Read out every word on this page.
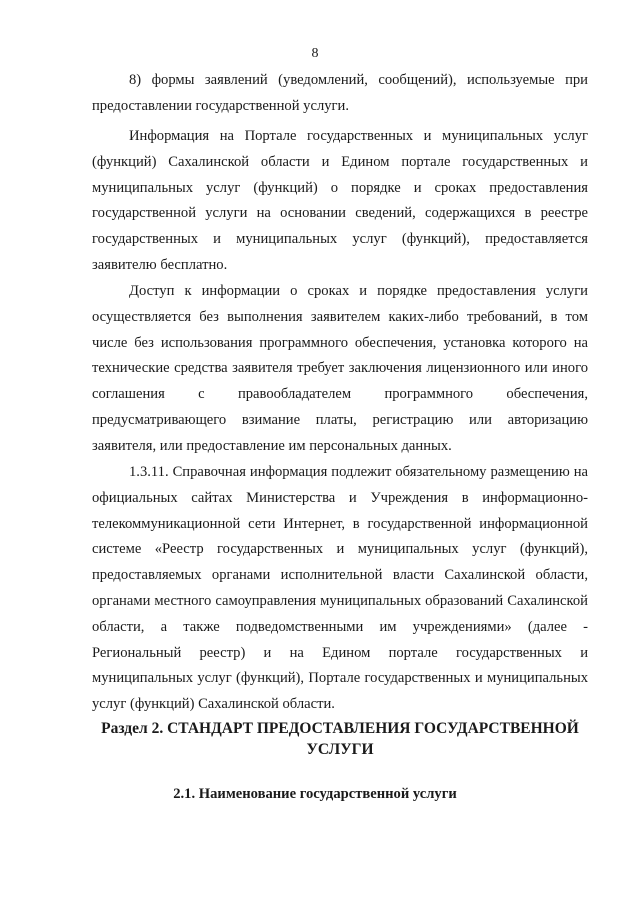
8

8) формы заявлений (уведомлений, сообщений), используемые при предоставлении государственной услуги.

Информация на Портале государственных и муниципальных услуг (функций) Сахалинской области и Едином портале государственных и муниципальных услуг (функций) о порядке и сроках предоставления государственной услуги на основании сведений, содержащихся в реестре государственных и муниципальных услуг (функций), предоставляется заявителю бесплатно.

Доступ к информации о сроках и порядке предоставления услуги осуществляется без выполнения заявителем каких-либо требований, в том числе без использования программного обеспечения, установка которого на технические средства заявителя требует заключения лицензионного или иного соглашения с правообладателем программного обеспечения, предусматривающего взимание платы, регистрацию или авторизацию заявителя, или предоставление им персональных данных.

1.3.11. Справочная информация подлежит обязательному размещению на официальных сайтах Министерства и Учреждения в информационно-телекоммуникационной сети Интернет, в государственной информационной системе «Реестр государственных и муниципальных услуг (функций), предоставляемых органами исполнительной власти Сахалинской области, органами местного самоуправления муниципальных образований Сахалинской области, а также подведомственными им учреждениями» (далее - Региональный реестр) и на Едином портале государственных и муниципальных услуг (функций), Портале государственных и муниципальных услуг (функций) Сахалинской области.

Раздел 2. СТАНДАРТ ПРЕДОСТАВЛЕНИЯ ГОСУДАРСТВЕННОЙ УСЛУГИ
2.1. Наименование государственной услуги
